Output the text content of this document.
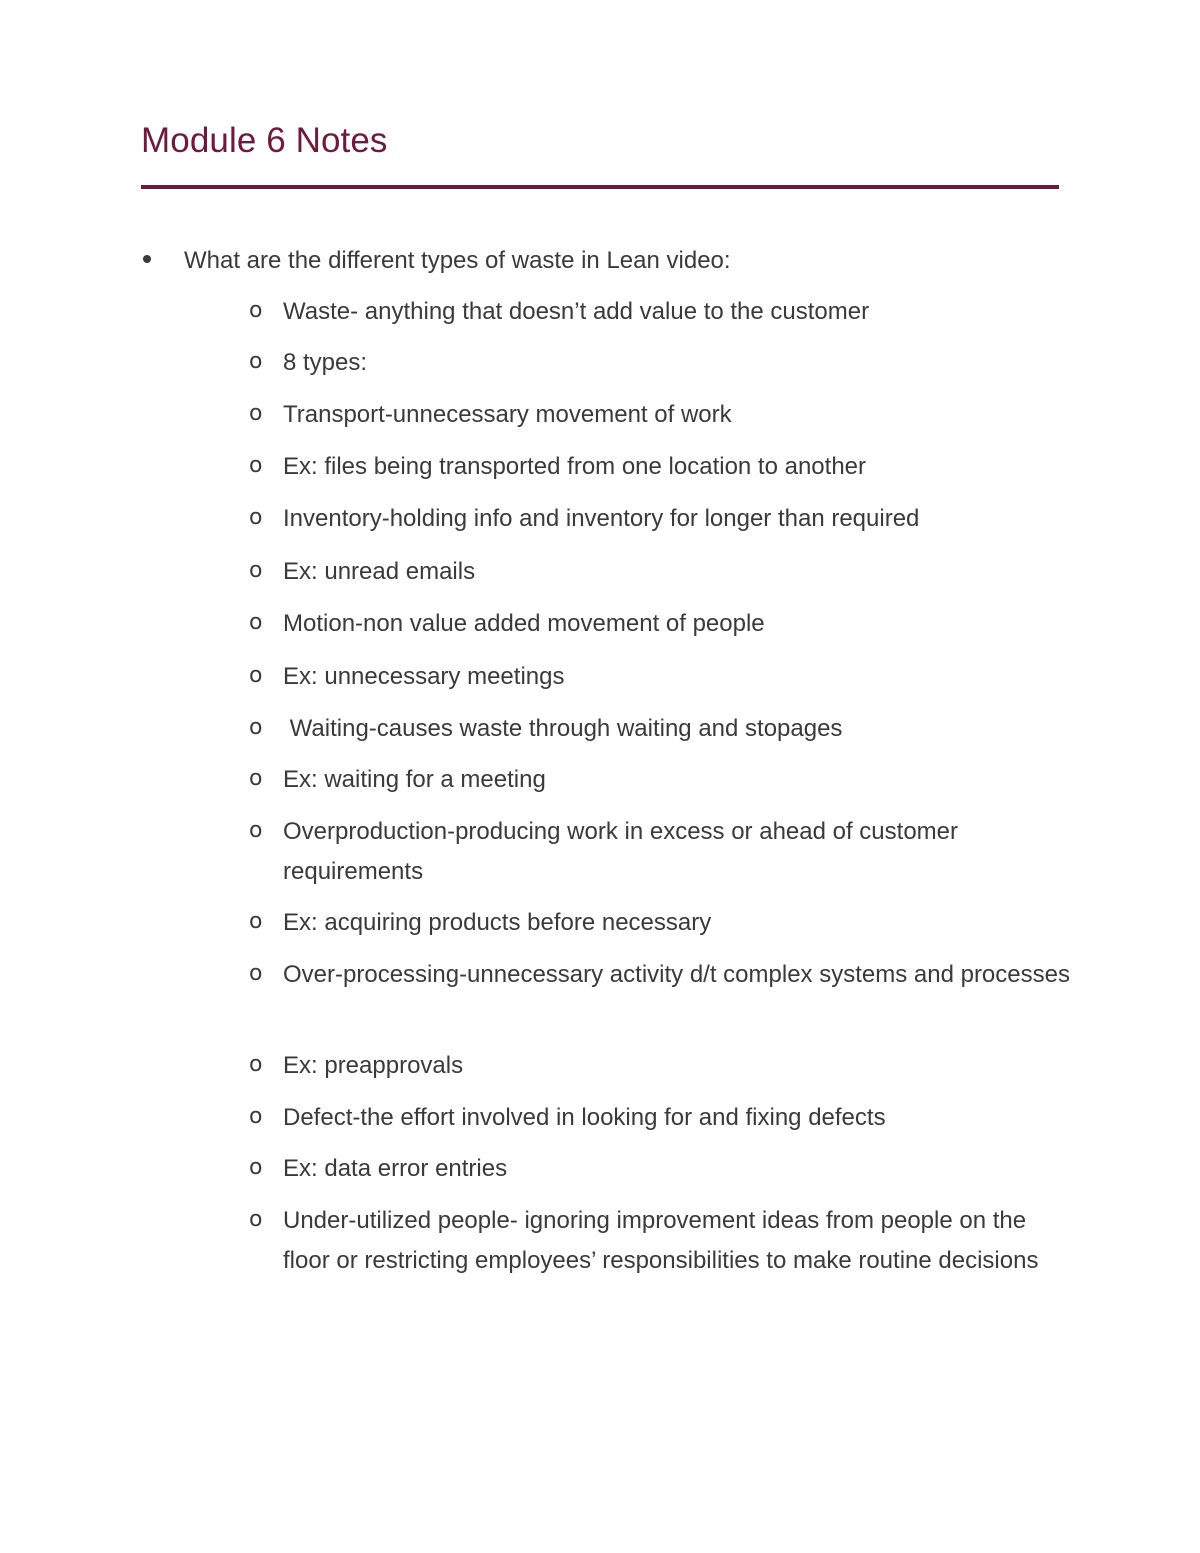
Module 6 Notes
What are the different types of waste in Lean video:
o Waste- anything that doesn’t add value to the customer
o 8 types:
o Transport-unnecessary movement of work
o Ex: files being transported from one location to another
o Inventory-holding info and inventory for longer than required
o Ex: unread emails
o Motion-non value added movement of people
o Ex: unnecessary meetings
o Waiting-causes waste through waiting and stopages
o Ex: waiting for a meeting
o Overproduction-producing work in excess or ahead of customer requirements
o Ex: acquiring products before necessary
o Over-processing-unnecessary activity d/t complex systems and processes
o Ex: preapprovals
o Defect-the effort involved in looking for and fixing defects
o Ex: data error entries
o Under-utilized people- ignoring improvement ideas from people on the floor or restricting employees’ responsibilities to make routine decisions
